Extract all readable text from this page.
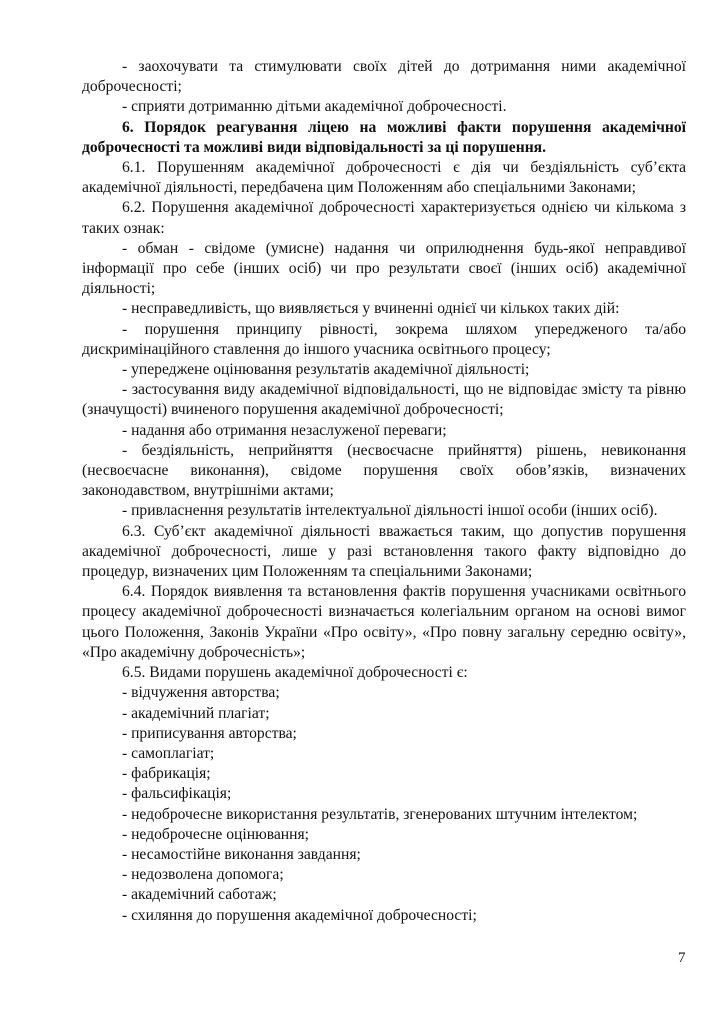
- заохочувати та стимулювати своїх дітей до дотримання ними академічної доброчесності;

- сприяти дотриманню дітьми академічної доброчесності.

6. Порядок реагування ліцею на можливі факти порушення академічної доброчесності та можливі види відповідальності за ці порушення.

6.1. Порушенням академічної доброчесності є дія чи бездіяльність суб’єкта академічної діяльності, передбачена цим Положенням або спеціальними Законами;

6.2. Порушення академічної доброчесності характеризується однією чи кількома з таких ознак:

- обман - свідоме (умисне) надання чи оприлюднення будь-якої неправдивої інформації про себе (інших осіб) чи про результати своєї (інших осіб) академічної діяльності;

- несправедливість, що виявляється у вчиненні однієї чи кількох таких дій:

- порушення принципу рівності, зокрема шляхом упередженого та/або дискримінаційного ставлення до іншого учасника освітнього процесу;

- упереджене оцінювання результатів академічної діяльності;

- застосування виду академічної відповідальності, що не відповідає змісту та рівню (значущості) вчиненого порушення академічної доброчесності;

- надання або отримання незаслуженої переваги;

- бездіяльність, неприйняття (несвоєчасне прийняття) рішень, невиконання (несвоєчасне виконання), свідоме порушення своїх обов’язків, визначених законодавством, внутрішніми актами;

- привласнення результатів інтелектуальної діяльності іншої особи (інших осіб).

6.3. Суб’єкт академічної діяльності вважається таким, що допустив порушення академічної доброчесності, лише у разі встановлення такого факту відповідно до процедур, визначених цим Положенням та спеціальними Законами;

6.4. Порядок виявлення та встановлення фактів порушення учасниками освітнього процесу академічної доброчесності визначається колегіальним органом на основі вимог цього Положення, Законів України «Про освіту», «Про повну загальну середню освіту», «Про академічну доброчесність»;

6.5. Видами порушень академічної доброчесності є:

- відчуження авторства;

- академічний плагіат;

- приписування авторства;

- самоплагіат;

- фабрикація;

- фальсифікація;

- недоброчесне використання результатів, згенерованих штучним інтелектом;

- недоброчесне оцінювання;

- несамостійне виконання завдання;

- недозволена допомога;

- академічний саботаж;

- схиляння до порушення академічної доброчесності;

7
